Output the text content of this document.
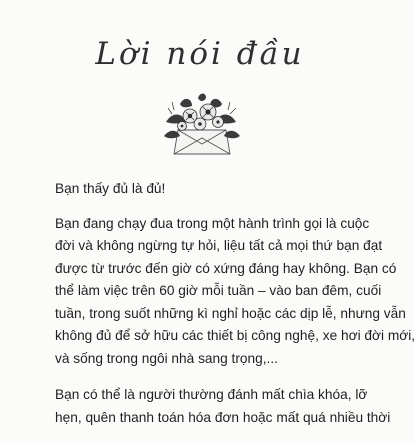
Lời nói đầu

Bạn thấy đủ là đủ!

Bạn đang chạy đua trong một hành trình gọi là cuộc
đời và không ngừng tự hỏi, liệu tất cả mọi thứ bạn đạt
được từ trước đến giờ có xứng đáng hay không. Bạn có
thể làm việc trên 60 giờ mỗi tuần – vào ban đêm, cuối
tuần, trong suốt những kì nghỉ hoặc các dịp lễ, nhưng vẫn
không đủ để sở hữu các thiết bị công nghệ, xe hơi đời mới,
và sống trong ngôi nhà sang trọng,...

Bạn có thể là người thường đánh mất chìa khóa, lỡ
hẹn, quên thanh toán hóa đơn hoặc mất quá nhiều thời
